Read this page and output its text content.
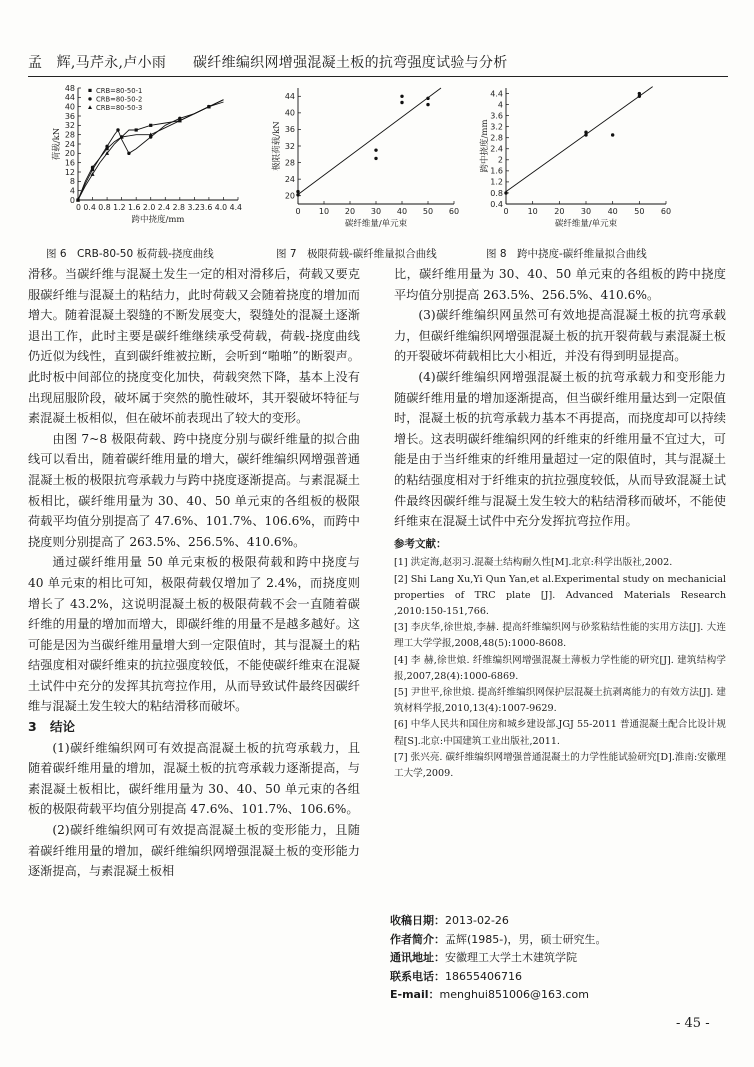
孟　辉,马芹永,卢小雨 碳纤维编织网增强混凝土板的抗弯强度试验与分析
0
4
8
12
16
20
24
28
32
36
40
44
48
0 0.4 0.8 1.2 1.6 2.0 2.4 2.8 3.23.6 4.0 4.4
跨中挠度/mm
荷载/kN
CRB=80-50-1
CRB=80-50-2
CRB=80-50-3
20
24
28
32
36
40
44
0 10 20 30 40 50 60
碳纤维量/单元束
极限荷载/kN
0.4
0.8
1.2
1.6
2
2.4
2.8
3.2
3.6
4
4.4
0 10 20 30 40 50 60
碳纤维量/单元束
跨中挠度/mm
图 6　CRB-80-50 板荷载-挠度曲线	图 7　极限荷载-碳纤维量拟合曲线	图 8　跨中挠度-碳纤维量拟合曲线

滑移。当碳纤维与混凝土发生一定的相对滑移后，荷载又要克服碳纤维与混凝土的粘结力，此时荷载又会随着挠度的增加而增大。随着混凝土裂缝的不断发展变大，裂缝处的混凝土逐渐退出工作，此时主要是碳纤维继续承受荷载，荷载-挠度曲线仍近似为线性，直到碳纤维被拉断，会听到“啪啪”的断裂声。此时板中间部位的挠度变化加快，荷载突然下降，基本上没有出现屈服阶段，破坏属于突然的脆性破坏，其开裂破坏特征与素混凝土板相似，但在破坏前表现出了较大的变形。

由图 7~8 极限荷载、跨中挠度分别与碳纤维量的拟合曲线可以看出，随着碳纤维用量的增大，碳纤维编织网增强普通混凝土板的极限抗弯承载力与跨中挠度逐渐提高。与素混凝土板相比，碳纤维用量为 30、40、50 单元束的各组板的极限荷载平均值分别提高了 47.6%、101.7%、106.6%，而跨中挠度则分别提高了 263.5%、256.5%、410.6%。

通过碳纤维用量 50 单元束板的极限荷载和跨中挠度与 40 单元束的相比可知，极限荷载仅增加了 2.4%，而挠度则增长了 43.2%，这说明混凝土板的极限荷载不会一直随着碳纤维的用量的增加而增大，即碳纤维的用量不是越多越好。这可能是因为当碳纤维用量增大到一定限值时，其与混凝土的粘结强度相对碳纤维束的抗拉强度较低，不能使碳纤维束在混凝土试件中充分的发挥其抗弯拉作用，从而导致试件最终因碳纤维与混凝土发生较大的粘结滑移而破坏。

3 结论

(1)碳纤维编织网可有效提高混凝土板的抗弯承载力，且随着碳纤维用量的增加，混凝土板的抗弯承载力逐渐提高，与素混凝土板相比，碳纤维用量为 30、40、50 单元束的各组板的极限荷载平均值分别提高 47.6%、101.7%、106.6%。

(2)碳纤维编织网可有效提高混凝土板的变形能力，且随着碳纤维用量的增加，碳纤维编织网增强混凝土板的变形能力逐渐提高，与素混凝土板相

比，碳纤维用量为 30、40、50 单元束的各组板的跨中挠度平均值分别提高 263.5%、256.5%、410.6%。

(3)碳纤维编织网虽然可有效地提高混凝土板的抗弯承载力，但碳纤维编织网增强混凝土板的抗开裂荷载与素混凝土板的开裂破坏荷载相比大小相近，并没有得到明显提高。

(4)碳纤维编织网增强混凝土板的抗弯承载力和变形能力随碳纤维用量的增加逐渐提高，但当碳纤维用量达到一定限值时，混凝土板的抗弯承载力基本不再提高，而挠度却可以持续增长。这表明碳纤维编织网的纤维束的纤维用量不宜过大，可能是由于当纤维束的纤维用量超过一定的限值时，其与混凝土的粘结强度相对于纤维束的抗拉强度较低，从而导致混凝土试件最终因碳纤维与混凝土发生较大的粘结滑移而破坏，不能使纤维束在混凝土试件中充分发挥抗弯拉作用。

参考文献：
[1] 洪定海,赵羽习.混凝土结构耐久性[M].北京:科学出版社,2002.
[2] Shi Lang Xu,Yi Qun Yan,et al.Experimental study on mechanicial properties of TRC plate [J]. Advanced Materials Research ,2010:150-151,766.
[3] 李庆华,徐世烺,李赫. 提高纤维编织网与砂浆粘结性能的实用方法[J]. 大连理工大学学报,2008,48(5):1000-8608.
[4] 李 赫,徐世烺. 纤维编织网增强混凝土薄板力学性能的研究[J]. 建筑结构学报,2007,28(4):1000-6869.
[5] 尹世平,徐世烺. 提高纤维编织网保护层混凝土抗剥离能力的有效方法[J]. 建筑材料学报,2010,13(4):1007-9629.
[6] 中华人民共和国住房和城乡建设部.JGJ 55-2011 普通混凝土配合比设计规程[S].北京:中国建筑工业出版社,2011.
[7] 张兴亮. 碳纤维编织网增强普通混凝土的力学性能试验研究[D].淮南:安徽理工大学,2009.
收稿日期：2013-02-26
作者简介：孟辉(1985-)，男，硕士研究生。
通讯地址：安徽理工大学土木建筑学院
联系电话：18655406716
E-mail：menghui851006@163.com
- 45 -
